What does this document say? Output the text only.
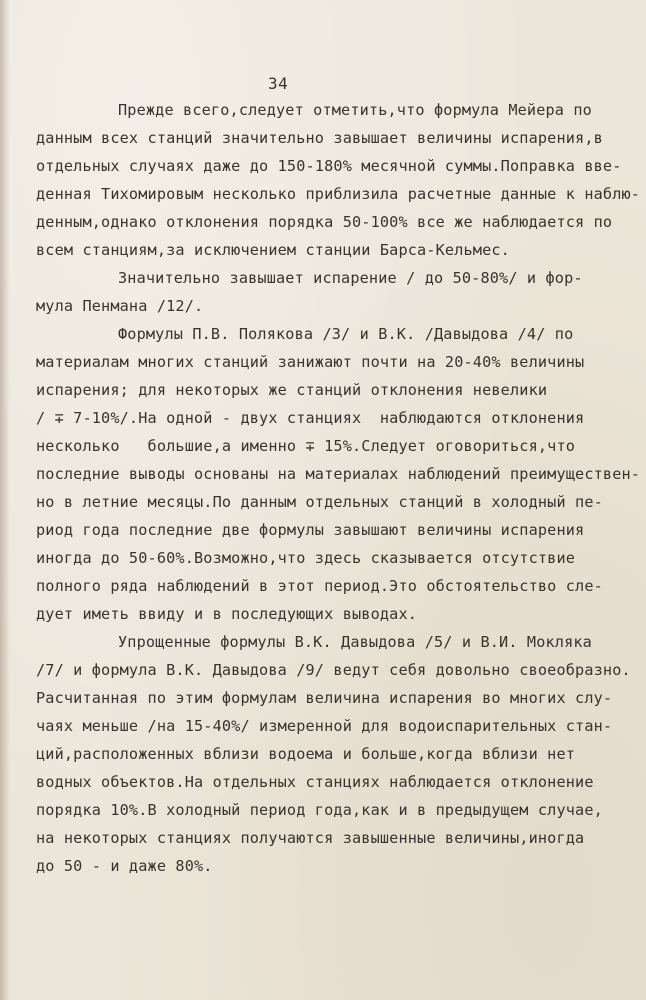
34
Прежде всего,следует отметить,что формула Мейера по
данным всех станций значительно завышает величины испарения,в
отдельных случаях даже до 150-180% месячной суммы.Поправка вве-
денная Тихомировым несколько приблизила расчетные данные к наблю-
денным,однако отклонения порядка 50-100% все же наблюдается по
всем станциям,за исключением станции Барса-Кельмес.
Значительно завышает испарение / до 50-80%/ и фор-
мула Пенмана /12/.
Формулы П.В. Полякова /3/ и В.К. /Давыдова /4/ по
материалам многих станций занижают почти на 20-40% величины
испарения; для некоторых же станций отклонения невелики
/ ∓ 7-10%/.На одной - двух станциях  наблюдаются отклонения
несколько   большие,а именно ∓ 15%.Следует оговориться,что
последние выводы основаны на материалах наблюдений преимуществен-
но в летние месяцы.По данным отдельных станций в холодный пе-
риод года последние две формулы завышают величины испарения
иногда до 50-60%.Возможно,что здесь сказывается отсутствие
полного ряда наблюдений в этот период.Это обстоятельство сле-
дует иметь ввиду и в последующих выводах.
Упрощенные формулы В.К. Давыдова /5/ и В.И. Мокляка
/7/ и формула В.К. Давыдова /9/ ведут себя довольно своеобразно.
Расчитанная по этим формулам величина испарения во многих слу-
чаях меньше /на 15-40%/ измеренной для водоиспарительных стан-
ций,расположенных вблизи водоема и больше,когда вблизи нет
водных объектов.На отдельных станциях наблюдается отклонение
порядка 10%.В холодный период года,как и в предыдущем случае,
на некоторых станциях получаются завышенные величины,иногда
до 50 - и даже 80%.
